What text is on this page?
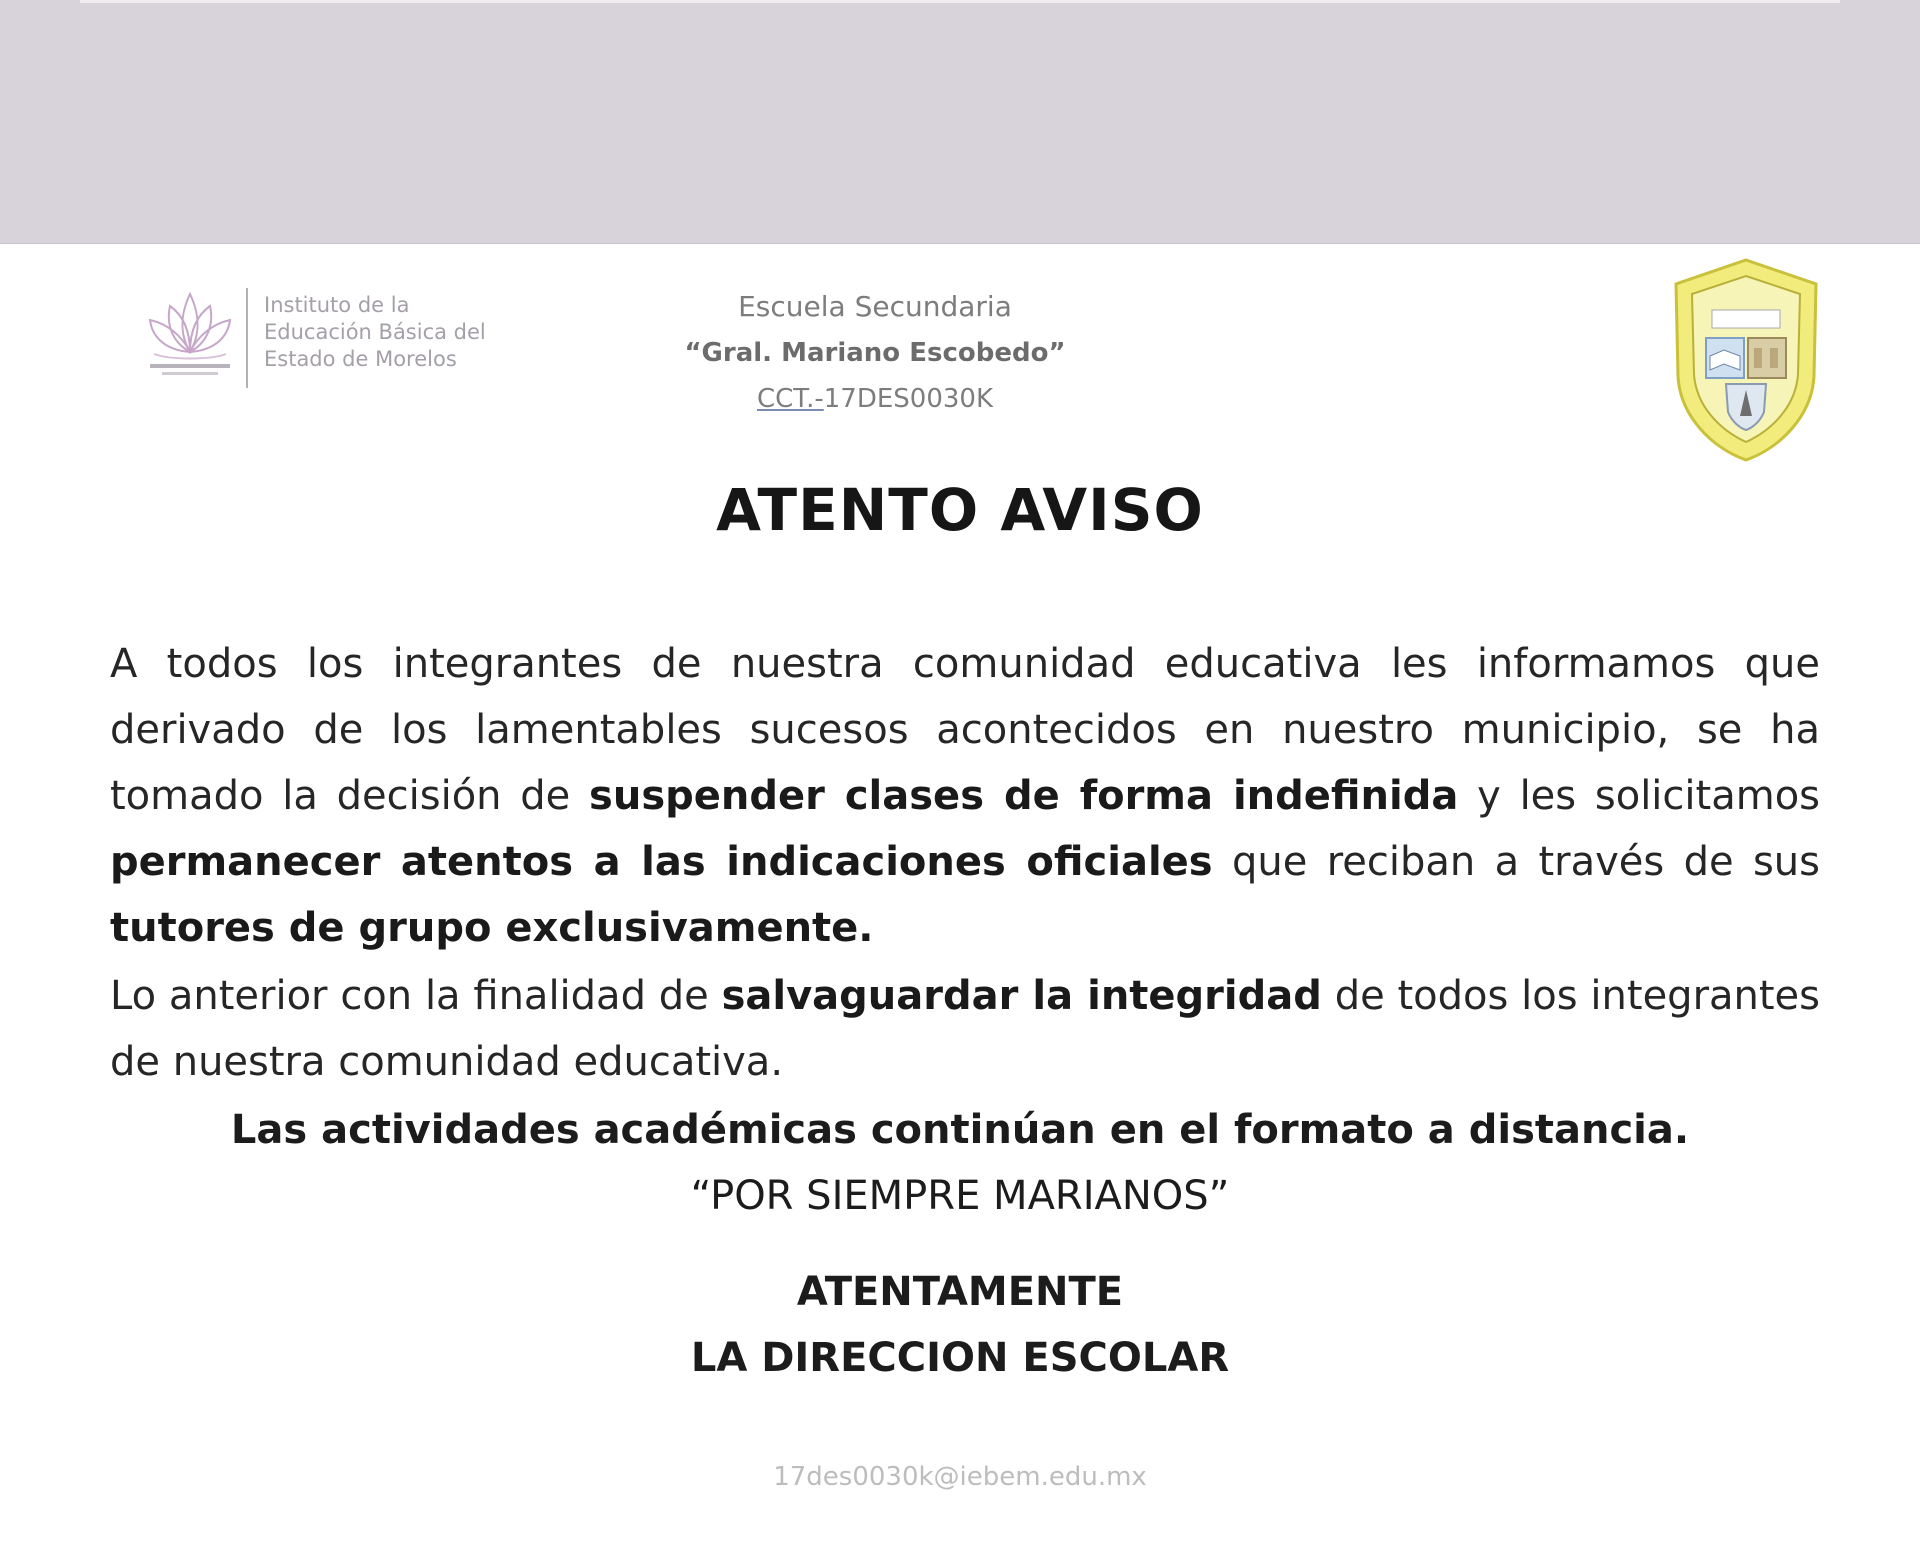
Instituto de la
Educación Básica del
Estado de Morelos
Escuela Secundaria
“Gral. Mariano Escobedo”
CCT.-17DES0030K
ATENTO AVISO
A todos los integrantes de nuestra comunidad educativa les informamos que derivado de los lamentables sucesos acontecidos en nuestro municipio, se ha tomado la decisión de suspender clases de forma indefinida y les solicitamos permanecer atentos a las indicaciones oficiales que reciban a través de sus tutores de grupo exclusivamente.
Lo anterior con la finalidad de salvaguardar la integridad de todos los integrantes de nuestra comunidad educativa.
Las actividades académicas continúan en el formato a distancia.
“POR SIEMPRE MARIANOS”
ATENTAMENTE
LA DIRECCION ESCOLAR
17des0030k@iebem.edu.mx
